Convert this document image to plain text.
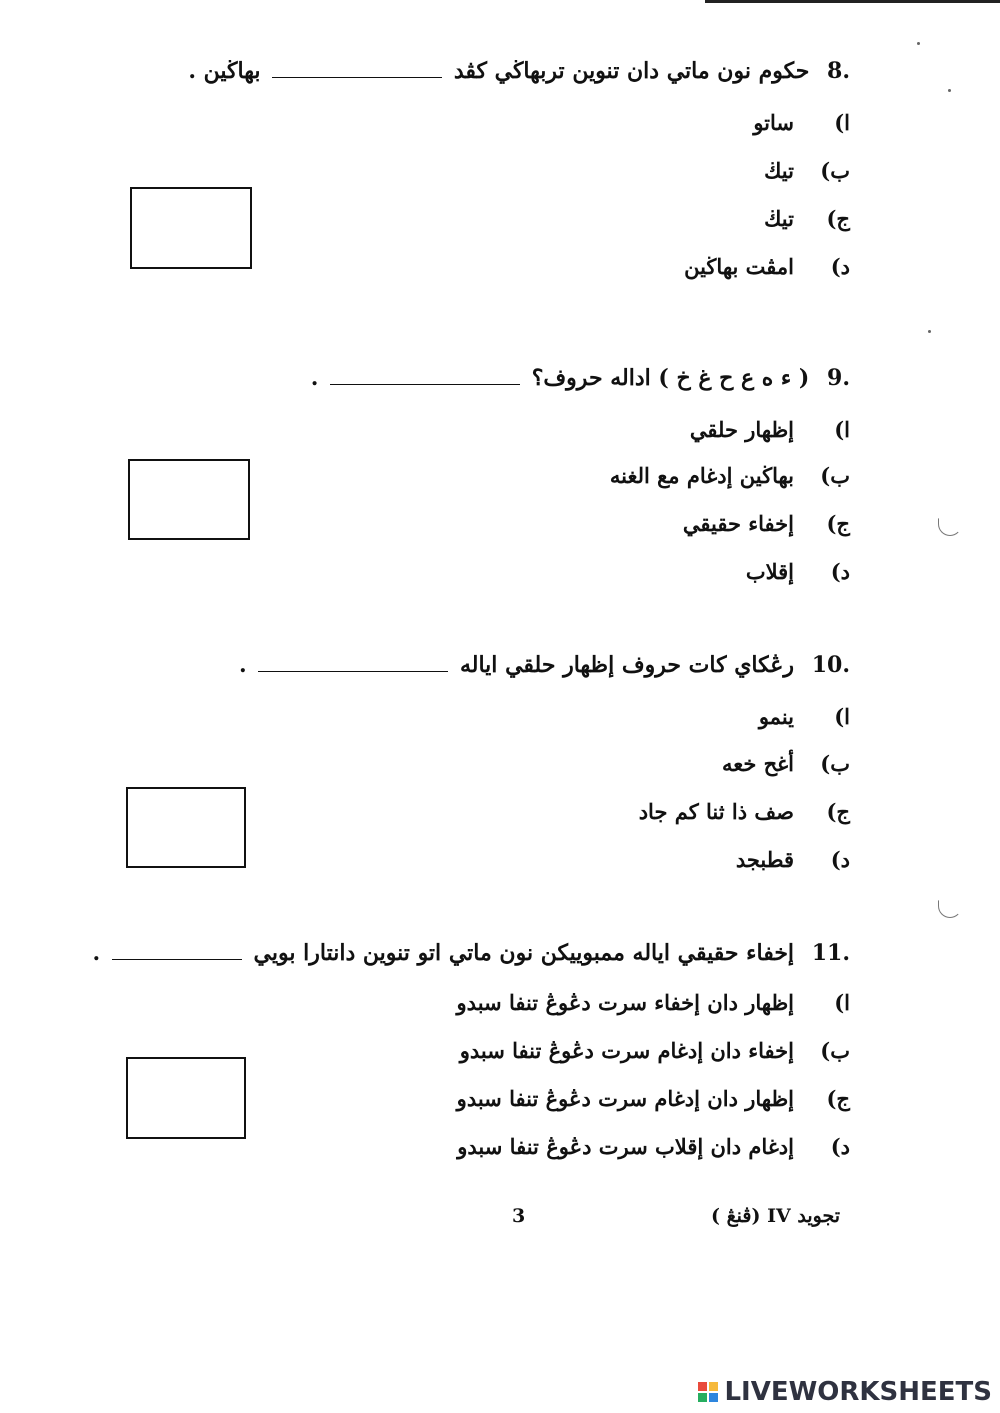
8. حكوم نون ماتي دان تنوين تربهاڬي كڤد  بهاڬين .
ا)ساتو
ب)تيڬ
ج)تيڬ
د)امڤت بهاڬين
9. ( ء ه ع ح غ خ ) اداله حروف؟  .
ا)إظهار حلقي
ب)بهاڬين إدغام مع الغنه
ج)إخفاء حقيقي
د)إقلاب
10. رڠكاي كات حروف إظهار حلقي اياله  .
ا)ينمو
ب)أغح خعه
ج)صف ذا ثنا كم جاد
د)قطبجد
11. إخفاء حقيقي اياله ممبوييكن نون ماتي اتو تنوين دانتارا بويي  .
ا)إظهار دان إخفاء سرت دڠوڠ تنفا سبدو
ب)إخفاء دان إدغام سرت دڠوڠ تنفا سبدو
ج)إظهار دان إدغام سرت دڠوڠ تنفا سبدو
د)إدغام دان إقلاب سرت دڠوڠ تنفا سبدو
تجويد IV (ڤنڠ )
3
LIVEWORKSHEETS
